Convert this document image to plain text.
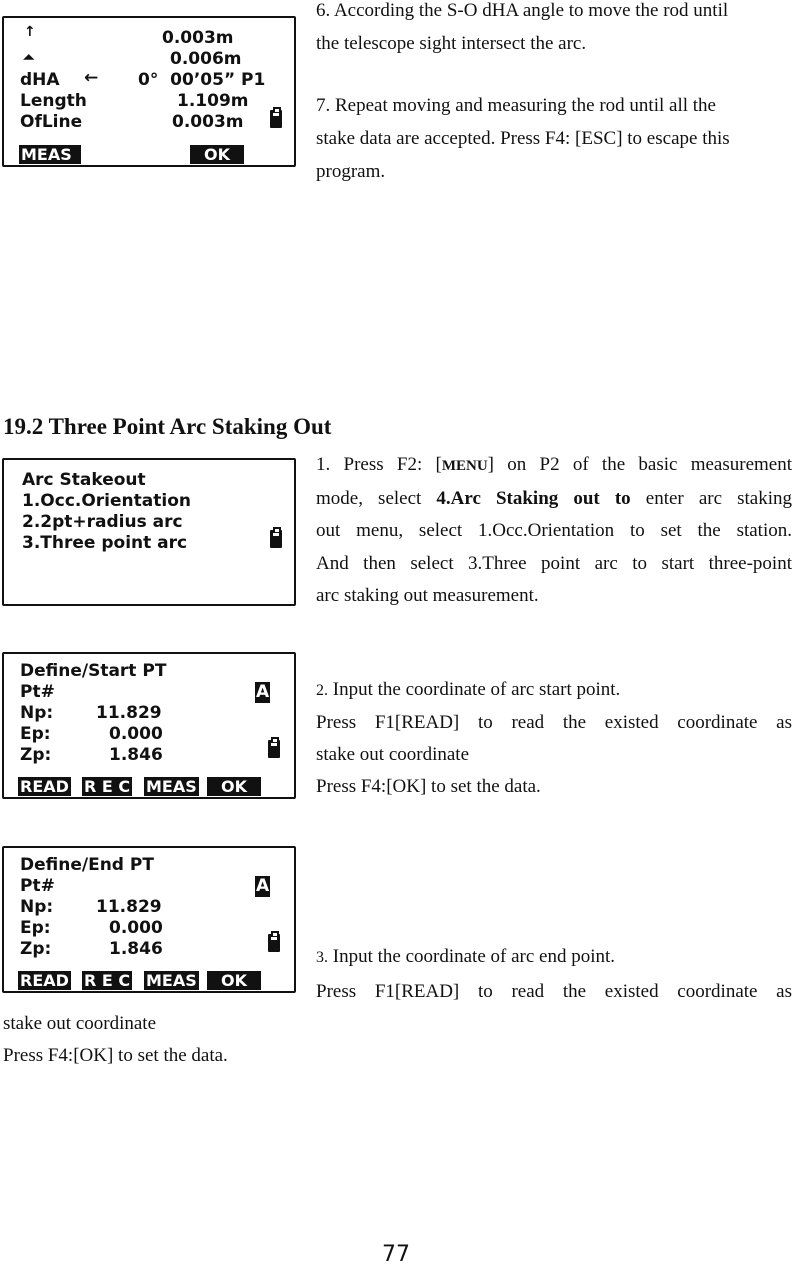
↑	0.003m
⏶	0.006m
dHA ← 0°  00’05” P1
Length	1.109m
OfLine	0.003m
MEAS	OK
6. According the S-O dHA angle to move the rod until
the telescope sight intersect the arc.
7. Repeat moving and measuring the rod until all the
stake data are accepted. Press F4: [ESC] to escape this
program.
19.2 Three Point Arc Staking Out
Arc Stakeout
1.Occ.Orientation
2.2pt+radius arc
3.Three point arc
1. Press F2: [MENU] on P2 of the basic measurement
mode, select 4.Arc Staking out to enter arc staking
out menu, select 1.Occ.Orientation to set the station.
And then select 3.Three point arc to start three-point
arc staking out measurement.
Define/Start PT
Pt#	A
Np:	11.829
Ep:	0.000
Zp:	1.846
READ R E C MEAS	OK
2. Input the coordinate of arc start point.
Press F1[READ] to read the existed coordinate as
stake out coordinate
Press F4:[OK] to set the data.
Define/End PT
Pt#	A
Np:	11.829
Ep:	0.000
Zp:	1.846
READ R E C MEAS	OK
3. Input the coordinate of arc end point.
Press F1[READ] to read the existed coordinate as
stake out coordinate
Press F4:[OK] to set the data.
77
